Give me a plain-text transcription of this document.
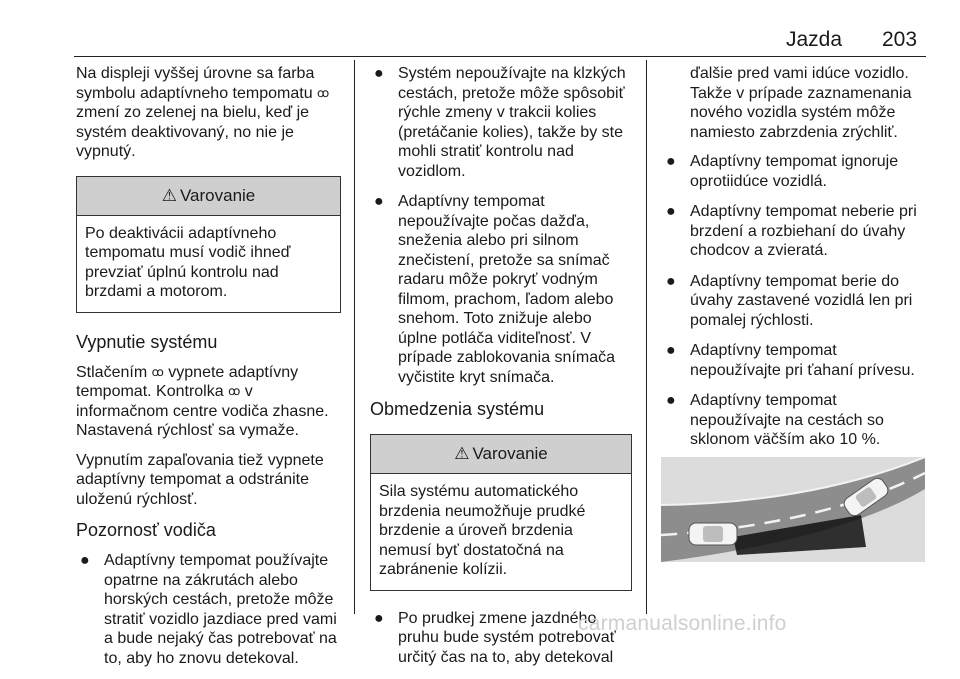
Jazda 203

Na displeji vyššej úrovne sa farba symbolu adaptívneho tempomatu ꝏ zmení zo zelenej na bielu, keď je systém deaktivovaný, no nie je vypnutý.

⚠ Varovanie
Po deaktivácii adaptívneho tempomatu musí vodič ihneď prevziať úplnú kontrolu nad brzdami a motorom.
Vypnutie systému

Stlačením ꝏ vypnete adaptívny tempomat. Kontrolka ꝏ v informačnom centre vodiča zhasne. Nastavená rýchlosť sa vymaže.

Vypnutím zapaľovania tiež vypnete adaptívny tempomat a odstránite uloženú rýchlosť.

Pozornosť vodiča
● Adaptívny tempomat používajte opatrne na zákrutách alebo horských cestách, pretože môže stratiť vozidlo jazdiace pred vami a bude nejaký čas potrebovať na to, aby ho znovu detekoval.
● Systém nepoužívajte na klzkých cestách, pretože môže spôsobiť rýchle zmeny v trakcii kolies (pretáčanie kolies), takže by ste mohli stratiť kontrolu nad vozidlom.
● Adaptívny tempomat nepoužívajte počas dažďa, sneženia alebo pri silnom znečistení, pretože sa snímač radaru môže pokryť vodným filmom, prachom, ľadom alebo snehom. Toto znižuje alebo úplne potláča viditeľnosť. V prípade zablokovania snímača vyčistite kryt snímača.
Obmedzenia systému
⚠ Varovanie
Sila systému automatického brzdenia neumožňuje prudké brzdenie a úroveň brzdenia nemusí byť dostatočná na zabránenie kolízii.
● Po prudkej zmene jazdného pruhu bude systém potrebovať určitý čas na to, aby detekoval

ďalšie pred vami idúce vozidlo. Takže v prípade zaznamenania nového vozidla systém môže namiesto zabrzdenia zrýchliť.

● Adaptívny tempomat ignoruje oprotiidúce vozidlá.
● Adaptívny tempomat neberie pri brzdení a rozbiehaní do úvahy chodcov a zvieratá.
● Adaptívny tempomat berie do úvahy zastavené vozidlá len pri pomalej rýchlosti.
● Adaptívny tempomat nepoužívajte pri ťahaní prívesu.
● Adaptívny tempomat nepoužívajte na cestách so sklonom väčším ako 10 %.
carmanualsonline.info
